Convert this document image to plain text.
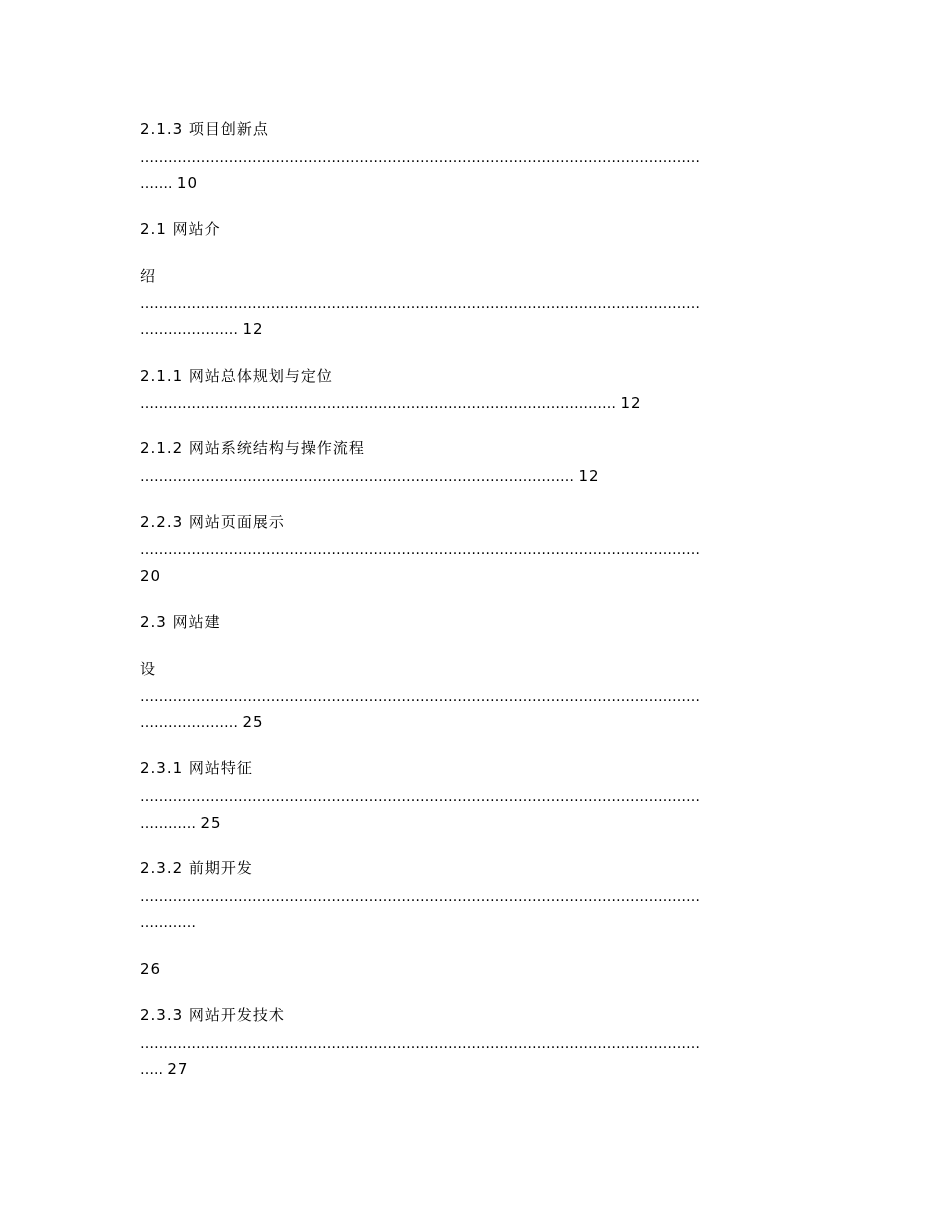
2.1.3 项目创新点
…………………………………………………………………………………………………………
……. 10
2.1 网站介
绍
…………………………………………………………………………………………………………
………………… 12
2.1.1 网站总体规划与定位
………………………………………………………………………………………… 12
2.1.2 网站系统结构与操作流程
………………………………………………………………………………… 12
2.2.3 网站页面展示
…………………………………………………………………………………………………………
20
2.3 网站建
设
…………………………………………………………………………………………………………
………………… 25
2.3.1 网站特征
…………………………………………………………………………………………………………
………… 25
2.3.2 前期开发
…………………………………………………………………………………………………………
…………
26
2.3.3 网站开发技术
…………………………………………………………………………………………………………
….. 27
